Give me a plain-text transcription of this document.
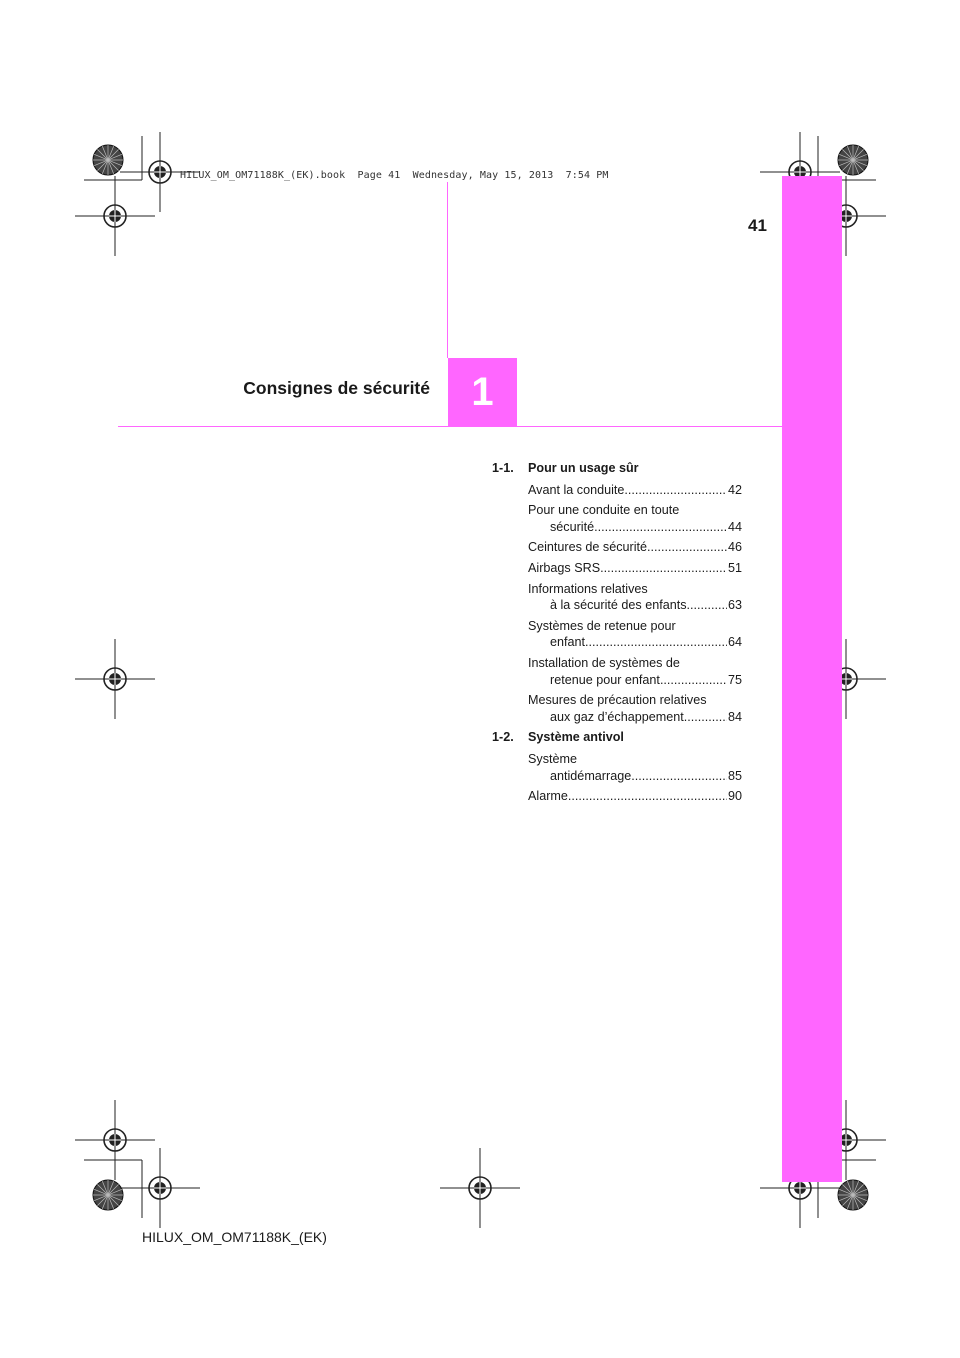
HILUX_OM_OM71188K_(EK).book  Page 41  Wednesday, May 15, 2013  7:54 PM
41
1
Consignes de sécurité
1-1. Pour un usage sûr
Avant la conduite .....	42
Pour une conduite en toute
sécurité .....	44
Ceintures de sécurité .....	46
Airbags SRS .....	51
Informations relatives
à la sécurité des enfants .....	63
Systèmes de retenue pour
enfant .....	64
Installation de systèmes de
retenue pour enfant .....	75
Mesures de précaution relatives
aux gaz d’échappement .....	84
1-2. Système antivol
Système
antidémarrage .....	85
Alarme .....	90
HILUX_OM_OM71188K_(EK)
